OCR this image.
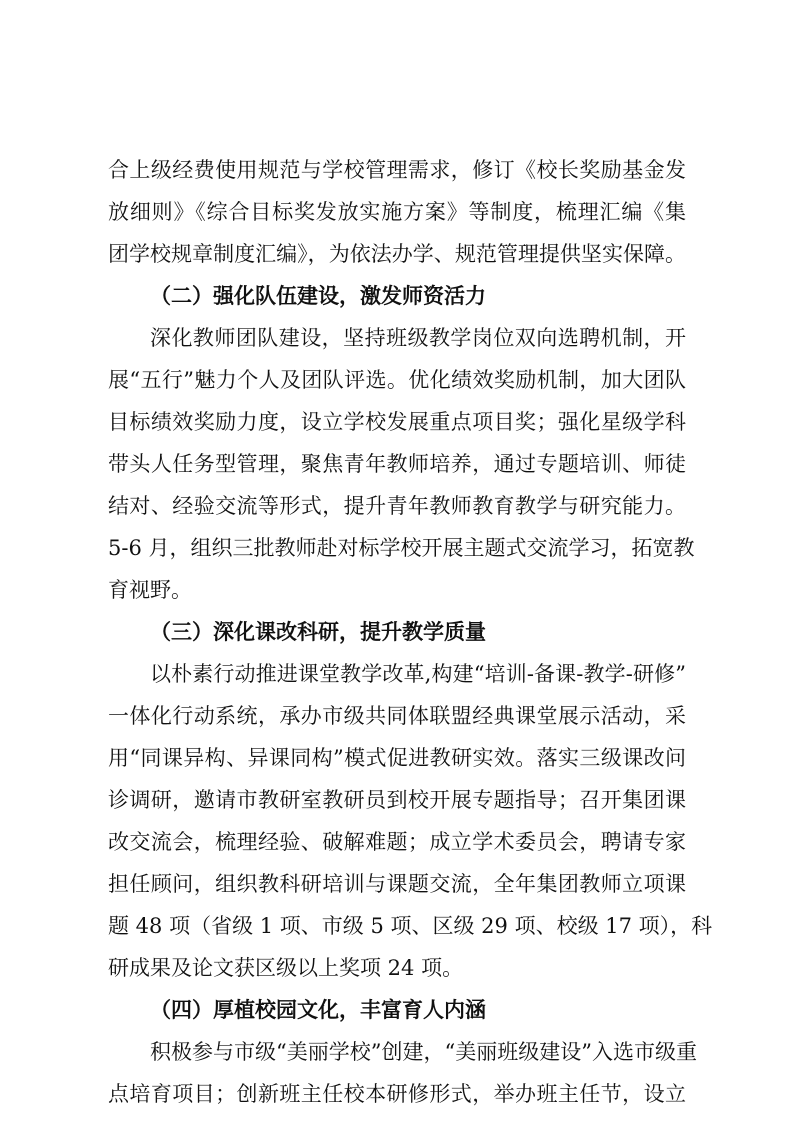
合上级经费使用规范与学校管理需求，修订《校长奖励基金发
放细则》《综合目标奖发放实施方案》等制度，梳理汇编《集
团学校规章制度汇编》，为依法办学、规范管理提供坚实保障。
（二）强化队伍建设，激发师资活力
深化教师团队建设，坚持班级教学岗位双向选聘机制，开
展“五行”魅力个人及团队评选。优化绩效奖励机制，加大团队
目标绩效奖励力度，设立学校发展重点项目奖；强化星级学科
带头人任务型管理，聚焦青年教师培养，通过专题培训、师徒
结对、经验交流等形式，提升青年教师教育教学与研究能力。
5-6 月，组织三批教师赴对标学校开展主题式交流学习，拓宽教
育视野。
（三）深化课改科研，提升教学质量
以朴素行动推进课堂教学改革,构建“培训-备课-教学-研修”
一体化行动系统，承办市级共同体联盟经典课堂展示活动，采
用“同课异构、异课同构”模式促进教研实效。落实三级课改问
诊调研，邀请市教研室教研员到校开展专题指导；召开集团课
改交流会，梳理经验、破解难题；成立学术委员会，聘请专家
担任顾问，组织教科研培训与课题交流，全年集团教师立项课
题 48 项（省级 1 项、市级 5 项、区级 29 项、校级 17 项），科
研成果及论文获区级以上奖项 24 项。
（四）厚植校园文化，丰富育人内涵
积极参与市级“美丽学校”创建，“美丽班级建设”入选市级重
点培育项目；创新班主任校本研修形式，举办班主任节，设立
